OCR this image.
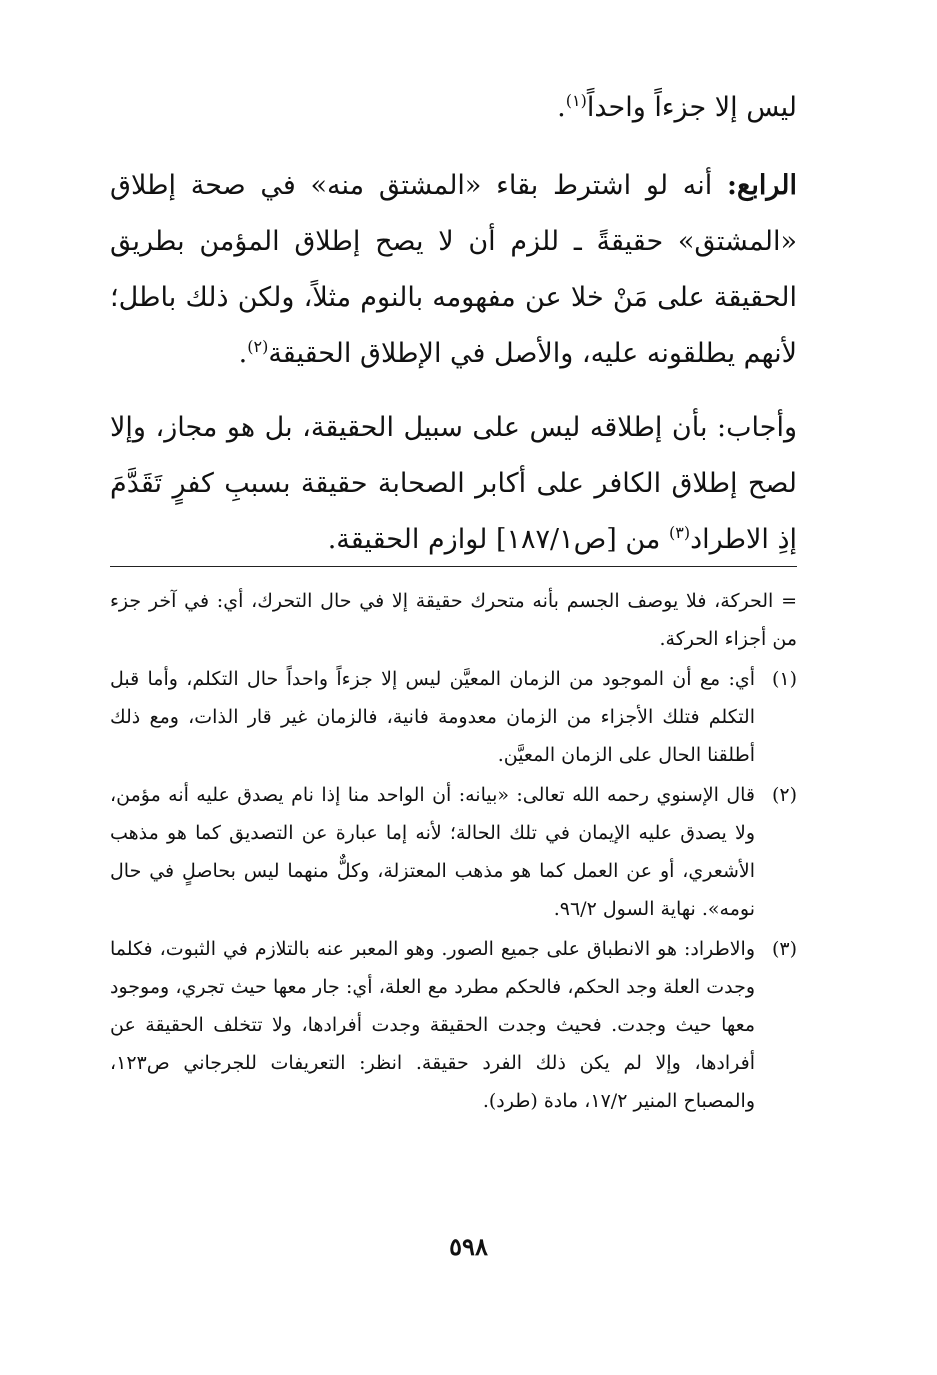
ليس إلا جزءاً واحداً$^{(١)}$.

الرابع: أنه لو اشترط بقاء «المشتق منه» في صحة إطلاق «المشتق» حقيقةً ـ للزم أن لا يصح إطلاق المؤمن بطريق الحقيقة على مَنْ خلا عن مفهومه بالنوم مثلاً، ولكن ذلك باطل؛ لأنهم يطلقونه عليه، والأصل في الإطلاق الحقيقة$^{(٢)}$.

وأجاب: بأن إطلاقه ليس على سبيل الحقيقة، بل هو مجاز، وإلا لصح إطلاق الكافر على أكابر الصحابة حقيقة بسببِ كفرٍ تَقَدَّمَ إذِ الاطراد$^{(٣)}$ من [ص١٨٧/١] لوازم الحقيقة.

= الحركة، فلا يوصف الجسم بأنه متحرك حقيقة إلا في حال التحرك، أي: في آخر جزء من أجزاء الحركة.
(١)
أي: مع أن الموجود من الزمان المعيَّن ليس إلا جزءاً واحداً حال التكلم، وأما قبل التكلم فتلك الأجزاء من الزمان معدومة فانية، فالزمان غير قار الذات، ومع ذلك أطلقنا الحال على الزمان المعيَّن.
(٢)
قال الإسنوي رحمه الله تعالى: «بيانه: أن الواحد منا إذا نام يصدق عليه أنه مؤمن، ولا يصدق عليه الإيمان في تلك الحالة؛ لأنه إما عبارة عن التصديق كما هو مذهب الأشعري، أو عن العمل كما هو مذهب المعتزلة، وكلٌّ منهما ليس بحاصلٍ في حال نومه». نهاية السول ٩٦/٢.
(٣)
والاطراد: هو الانطباق على جميع الصور. وهو المعبر عنه بالتلازم في الثبوت، فكلما وجدت العلة وجد الحكم، فالحكم مطرد مع العلة، أي: جار معها حيث تجري، وموجود معها حيث وجدت. فحيث وجدت الحقيقة وجدت أفرادها، ولا تتخلف الحقيقة عن أفرادها، وإلا لم يكن ذلك الفرد حقيقة. انظر: التعريفات للجرجاني ص١٢٣، والمصباح المنير ١٧/٢، مادة (طرد).
٥٩٨
